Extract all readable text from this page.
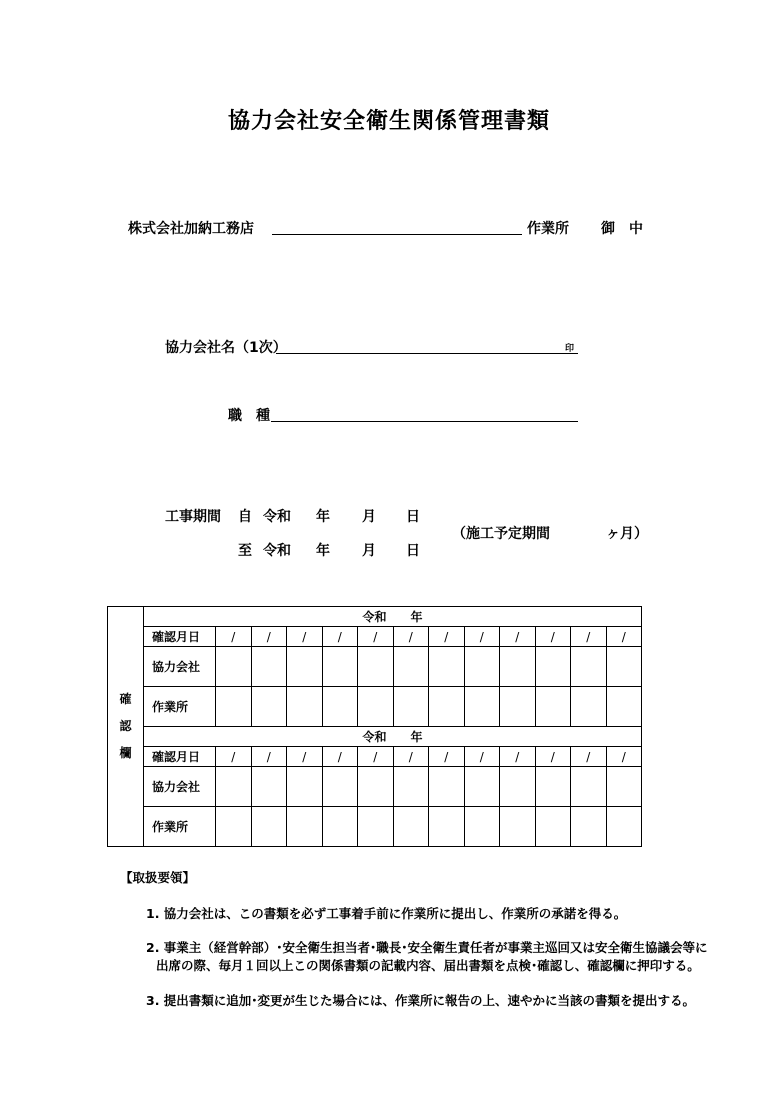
協力会社安全衛生関係管理書類
株式会社加納工務店	作業所 御　中
協力会社名（1次）	印
職　種
工事期間 自 令和 年 月 日
至 令和 年 月 日
（施工予定期間　　　　ヶ月）
確
認
欄	令和　　年												
	確認月日	/	/	/	/	/	/	/	/	/	/	/	/
	協力会社												
	作業所												
	令和　　年												
	確認月日	/	/	/	/	/	/	/	/	/	/	/	/
	協力会社												
	作業所												
【取扱要領】
1. 協力会社は、この書類を必ず工事着手前に作業所に提出し、作業所の承諾を得る。
2. 事業主（経営幹部）･安全衛生担当者･職長･安全衛生責任者が事業主巡回又は安全衛生協議会等に
出席の際、毎月１回以上この関係書類の記載内容、届出書類を点検･確認し、確認欄に押印する。
3. 提出書類に追加･変更が生じた場合には、作業所に報告の上、速やかに当該の書類を提出する。
